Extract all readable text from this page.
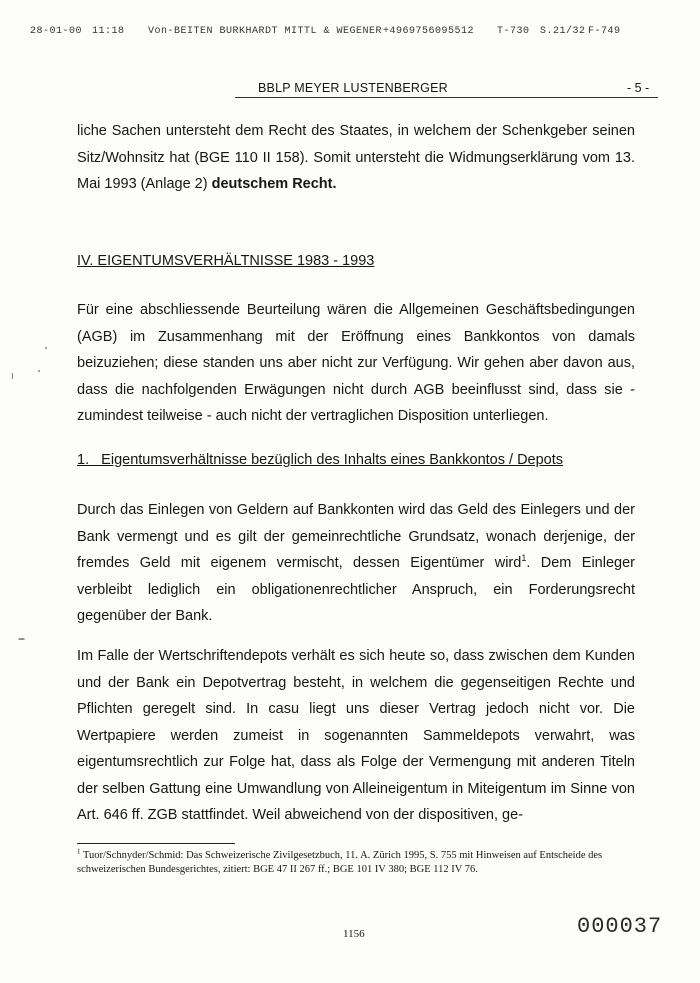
28-01-00 11:18 Von-BEITEN BURKHARDT MITTL & WEGENER +4969756095512 T-730 S.21/32 F-749
BBLP MEYER LUSTENBERGER	- 5 -
liche Sachen untersteht dem Recht des Staates, in welchem der Schenkgeber seinen Sitz/Wohnsitz hat (BGE 110 II 158). Somit untersteht die Widmungserklärung vom 13. Mai 1993 (Anlage 2) deutschem Recht.
IV. EIGENTUMSVERHÄLTNISSE 1983 - 1993
Für eine abschliessende Beurteilung wären die Allgemeinen Geschäftsbedingungen (AGB) im Zusammenhang mit der Eröffnung eines Bankkontos von damals beizuziehen; diese standen uns aber nicht zur Verfügung. Wir gehen aber davon aus, dass die nachfolgenden Erwägungen nicht durch AGB beeinflusst sind, dass sie - zumindest teilweise - auch nicht der vertraglichen Disposition unterliegen.
1.   Eigentumsverhältnisse bezüglich des Inhalts eines Bankkontos / Depots
Durch das Einlegen von Geldern auf Bankkonten wird das Geld des Einlegers und der Bank vermengt und es gilt der gemeinrechtliche Grundsatz, wonach derjenige, der fremdes Geld mit eigenem vermischt, dessen Eigentümer wird$^1$. Dem Einleger verbleibt lediglich ein obligationenrechtlicher Anspruch, ein Forderungsrecht gegenüber der Bank.
Im Falle der Wertschriftendepots verhält es sich heute so, dass zwischen dem Kunden und der Bank ein Depotvertrag besteht, in welchem die gegenseitigen Rechte und Pflichten geregelt sind. In casu liegt uns dieser Vertrag jedoch nicht vor. Die Wertpapiere werden zumeist in sogenannten Sammeldepots verwahrt, was eigentumsrechtlich zur Folge hat, dass als Folge der Vermengung mit anderen Titeln der selben Gattung eine Umwandlung von Alleineigentum in Miteigentum im Sinne von Art. 646 ff. ZGB stattfindet. Weil abweichend von der dispositiven, ge-
$^1$ Tuor/Schnyder/Schmid: Das Schweizerische Zivilgesetzbuch, 11. A. Zürich 1995, S. 755 mit Hinweisen auf Entscheide des schweizerischen Bundesgerichtes, zitiert: BGE 47 II 267 ff.; BGE 101 IV 380; BGE 112 IV 76.
1156	000037
